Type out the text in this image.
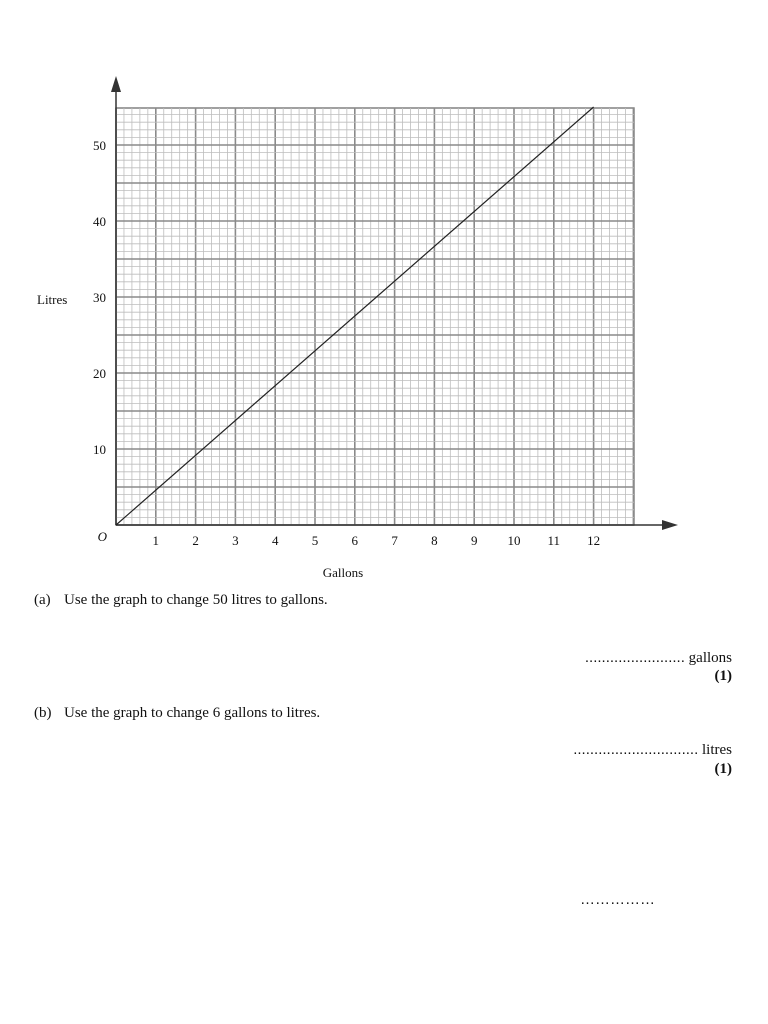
1	2	3	4	5	6	7	8	9 10 11 12
10
20
30
40
50
O
Gallons
Litres
(a) Use the graph to change 50 litres to gallons.
........................ gallons
(1)
(b) Use the graph to change 6 gallons to litres.
.............................. litres
(1)
……………
